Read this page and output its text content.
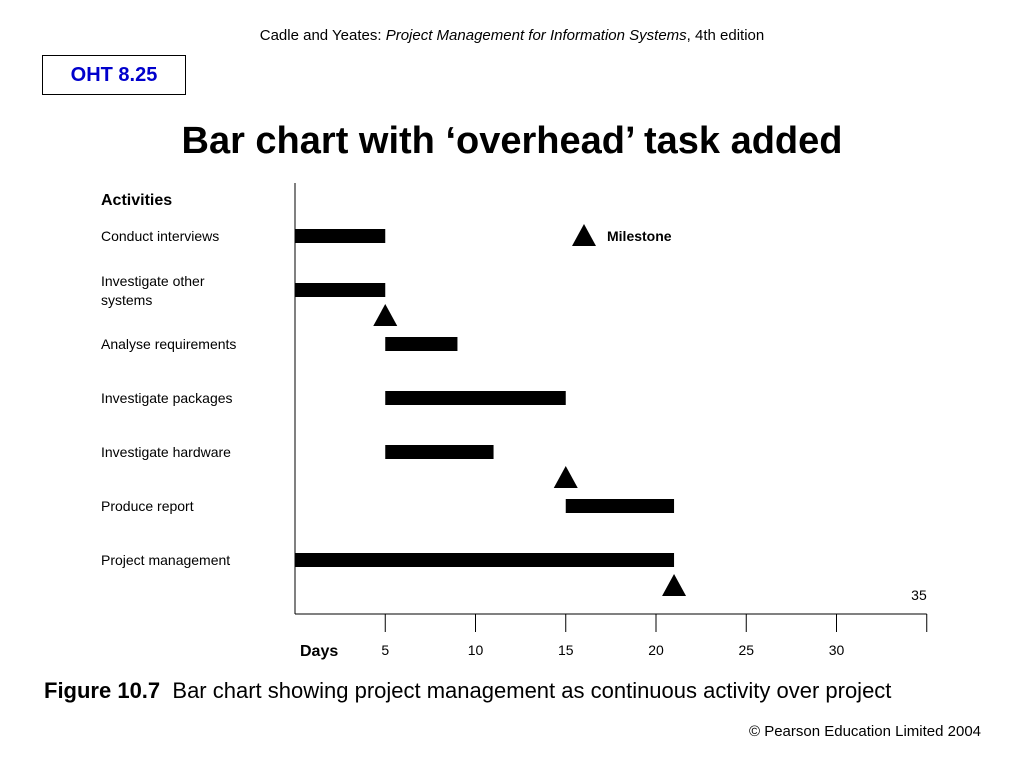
Cadle and Yeates: Project Management for Information Systems, 4th edition
OHT 8.25
Bar chart with ‘overhead’ task added
5	10	15	20	25	30
35
Days
Activities
Conduct interviews
Investigate other
systems
Analyse requirements
Investigate packages
Investigate hardware
Produce report
Project management
Milestone
Figure 10.7 Bar chart showing project management as continuous activity over project
© Pearson Education Limited 2004
